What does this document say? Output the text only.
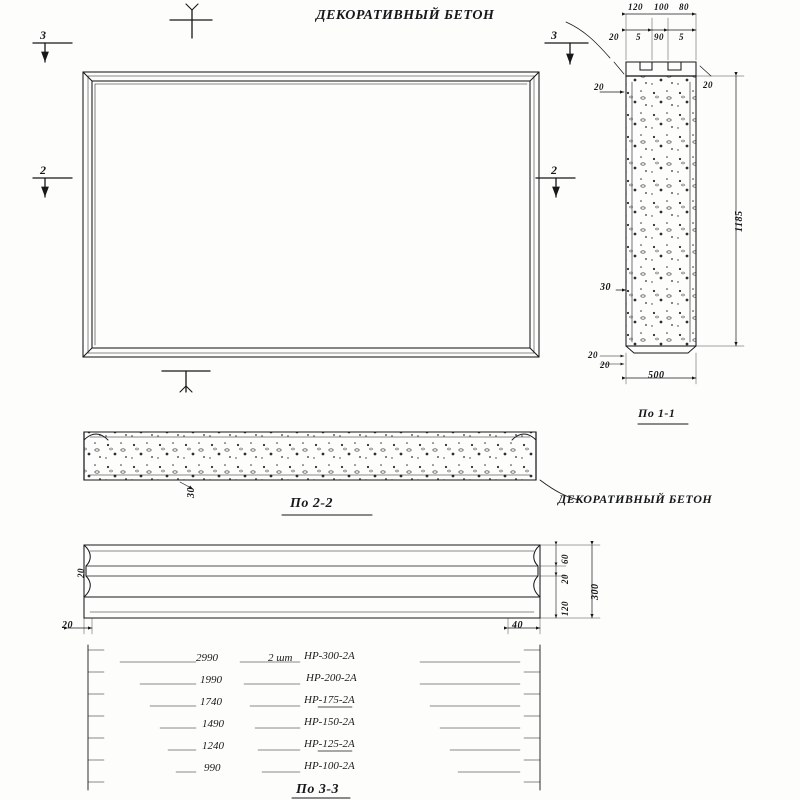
ДЕКОРАТИВНЫЙ БЕТОН
ДЕКОРАТИВНЫЙ БЕТОН
3
2	2
3
120 100 80
20 5 90 5
20	20
1185
30
20
20
500
По 1-1
30
По 2-2
20
20	40
60
20
120
300
2990	2 шт НР-300-2А
1990	НР-200-2А
1740	НР-175-2А
1490	НР-150-2А
1240	НР-125-2А
990	НР-100-2А
По 3-3
